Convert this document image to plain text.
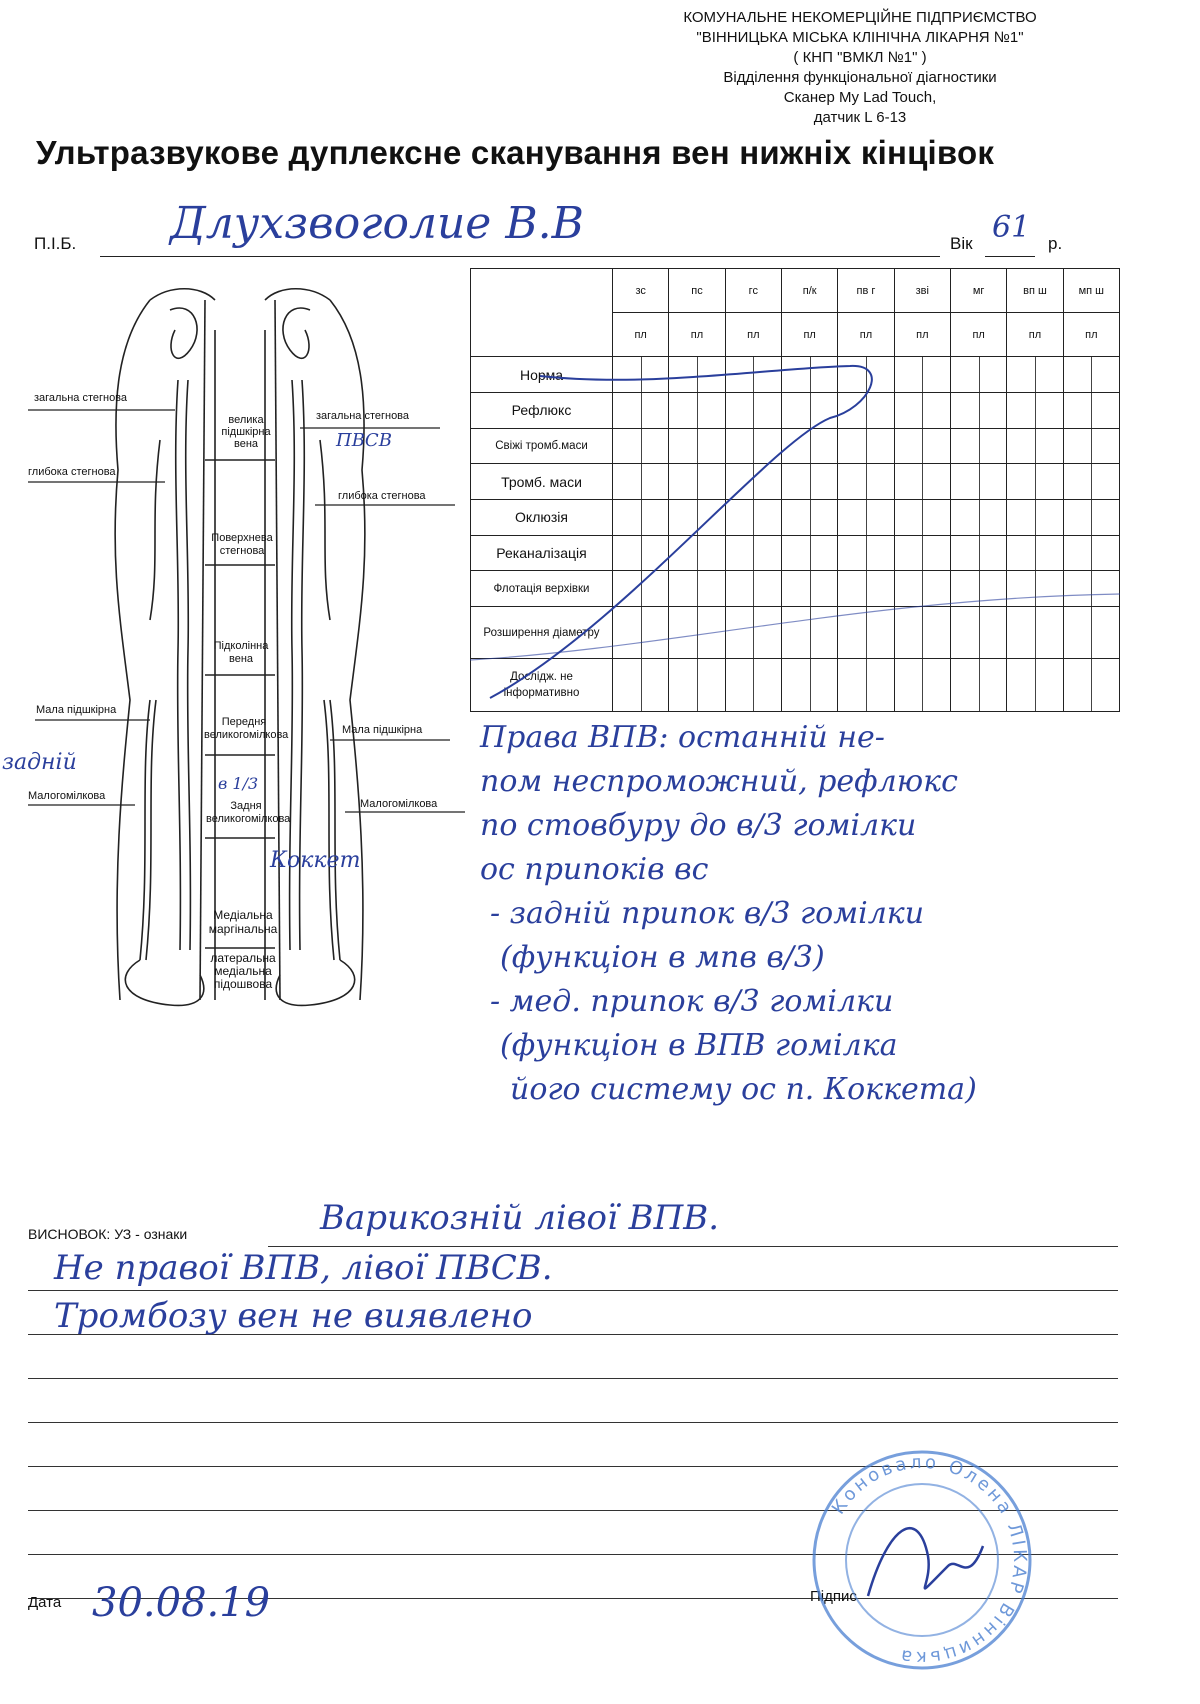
КОМУНАЛЬНЕ НЕКОМЕРЦІЙНЕ ПІДПРИЄМСТВО
"ВІННИЦЬКА МІСЬКА КЛІНІЧНА ЛІКАРНЯ №1"
( КНП "ВМКЛ №1" )
Відділення функціональної діагностики
Сканер My Lad Touch,
датчик L 6-13
Ультразвукове дуплексне сканування вен нижніх кінцівок
П.І.Б. Длухзвоголие В.В	Вік 61 р.
загальна стегнова
велика підшкірна вена
загальна стегнова
глибока стегнова
глибока стегнова
Поверхнева стегнова
Підколінна вена
Мала підшкірна
Мала підшкірна
Передня великогомілкова
Малогомілкова
Малогомілкова
Задня великогомілкова
Медіальна маргінальна
латеральна медіальна підошвова
ПВСВ
задній
в 1/3
Коккет
	зс	пс	гс	п/к	пв г	зві	мг	вп ш	мп ш
	пл	пл	пл	пл	пл	пл	пл	пл	пл
Норма	

Рефлюкс	

Свіжі тромб.маси	

Тромб. маси	

Оклюзія	

Реканалізація	

Флотація верхівки	

Розширення діаметру	

Дослідж. не інформативно	

Права ВПВ: останній не-
пом неспроможний, рефлюкс
по стовбуру до в/3 гомілки
ос припоків вс
- задній припок в/3 гомілки
(функціон в мпв в/3)
- мед. припок в/3 гомілки
(функціон в ВПВ гомілка
його систему ос п. Коккета)
ВИСНОВОК: УЗ - ознаки	Варикозній лівої ВПВ.
Не правої ВПВ, лівої ПВСВ.
Тромбозу вен не виявлено
Дата 30.08.19	Підпис
Коновало Олена ЛІКАР Вінницька
